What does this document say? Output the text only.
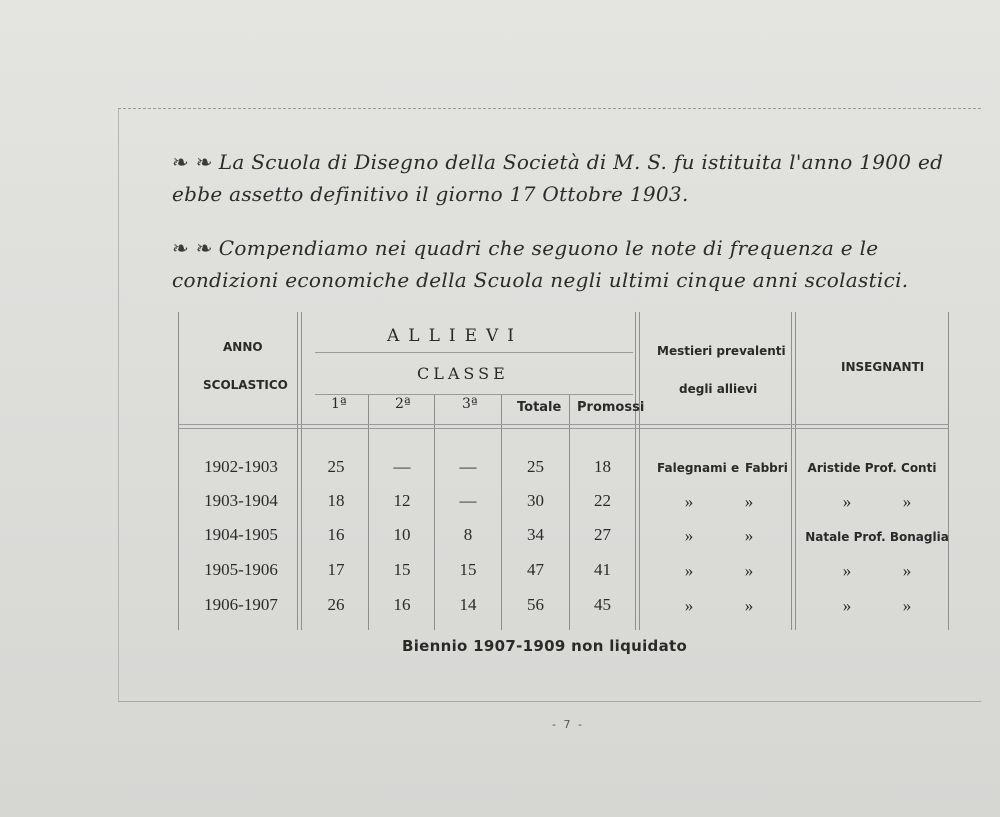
❧ ❧ La Scuola di Disegno della Società di M. S. fu istituita l'anno 1900 ed ebbe assetto definitivo il giorno 17 Ottobre 1903.
❧ ❧ Compendiamo nei quadri che seguono le note di frequenza e le condizioni economiche della Scuola negli ultimi cinque anni scolastici.
ANNO
SCOLASTICO
ALLIEVI
CLASSE
1ª	2ª	3ª	Totale Promossi
Mestieri prevalenti
degli allievi
INSEGNANTI
1902-1903	25	—	—	25	18	Falegnami e Fabbri	Aristide Prof. Conti
1903-1904	18	12	—	30	22	»	»	»	»
1904-1905	16	10	8	34	27	»	»	Natale Prof. Bonaglia
1905-1906	17	15	15	47	41	»	»	»	»
1906-1907	26	16	14	56	45	»	»	»	»
Biennio 1907-1909 non liquidato
- 7 -
